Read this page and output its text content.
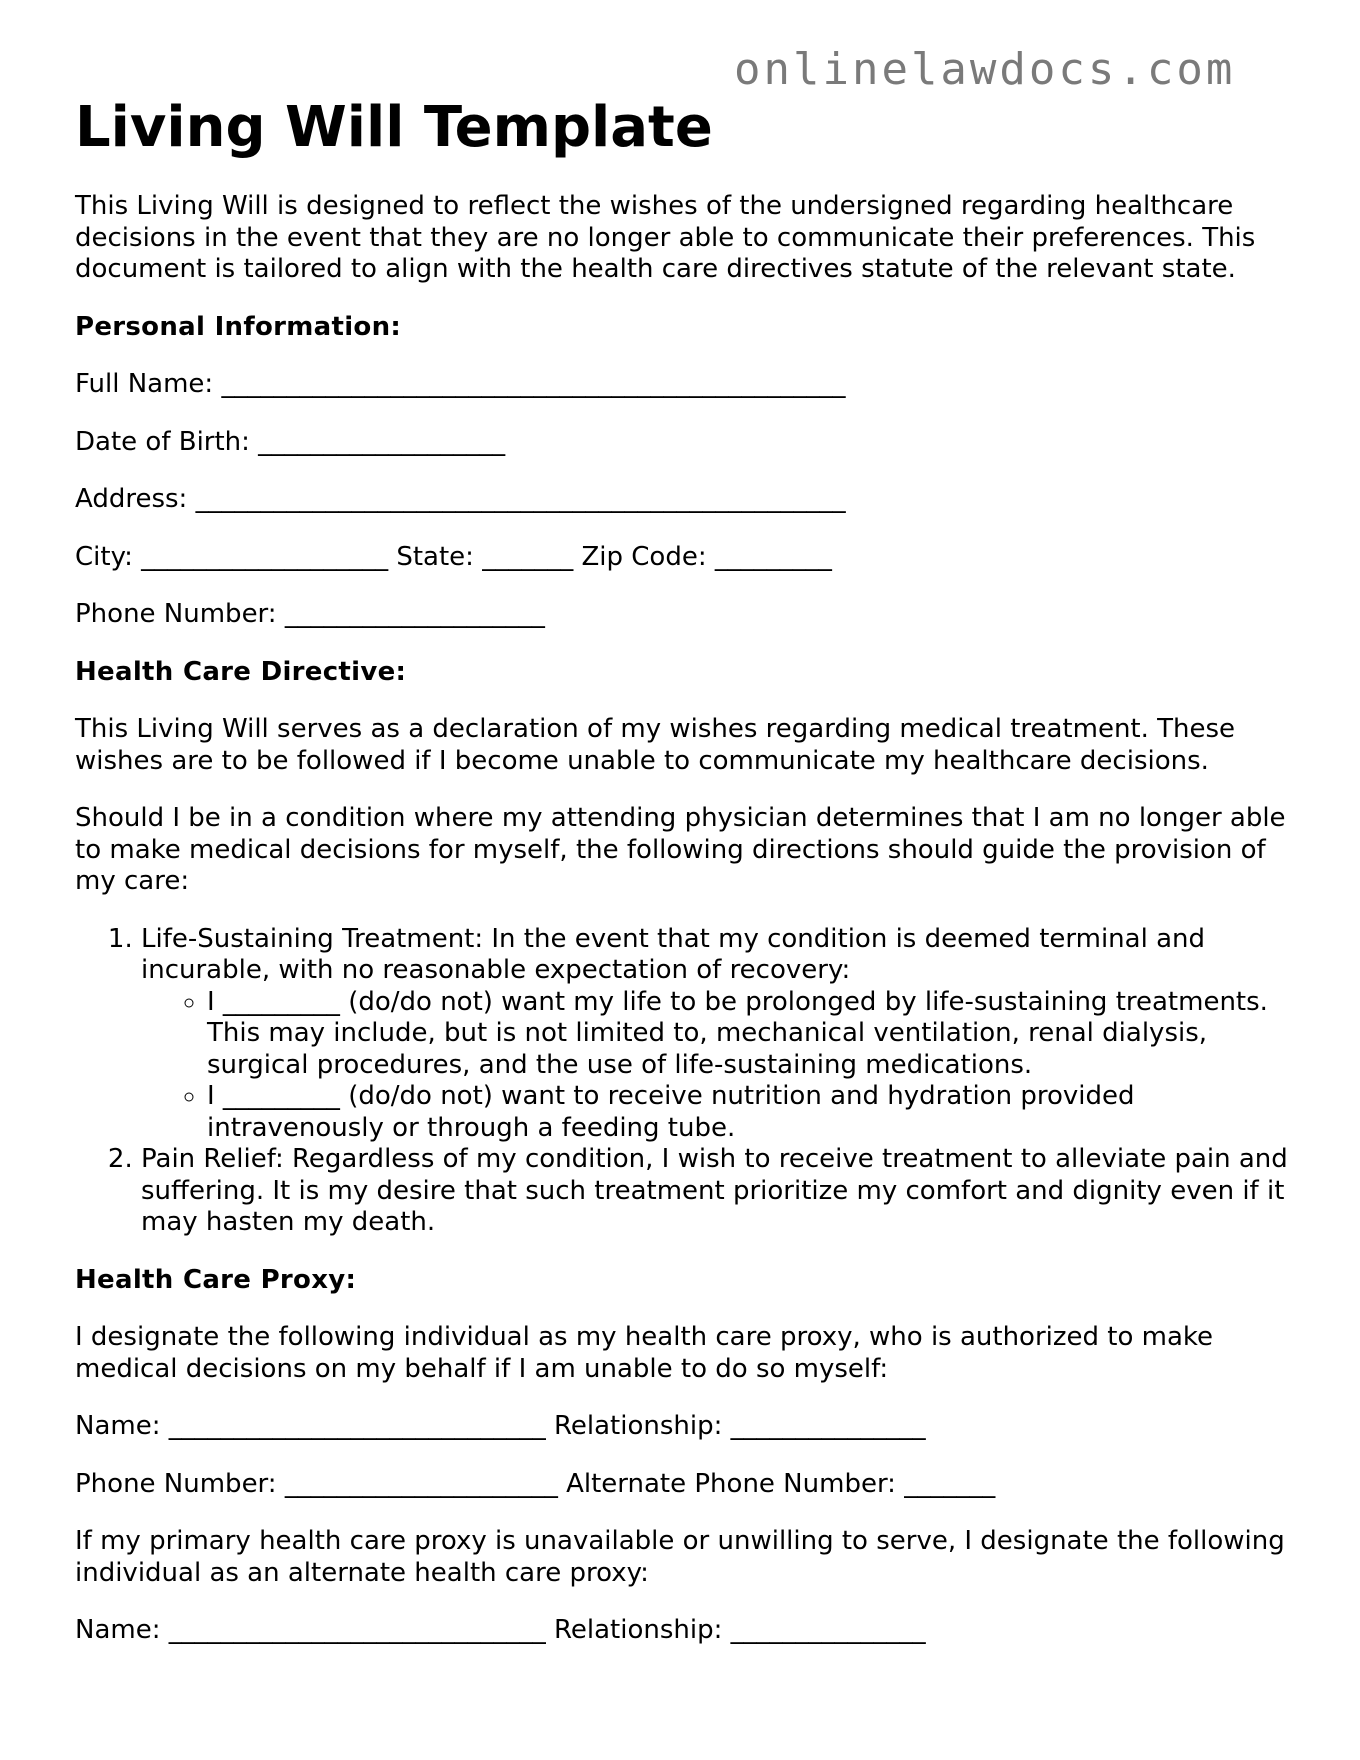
onlinelawdocs.com
Living Will Template

This Living Will is designed to reflect the wishes of the undersigned regarding healthcare decisions in the event that they are no longer able to communicate their preferences. This document is tailored to align with the health care directives statute of the relevant state.

Personal Information:

Full Name: ________________________________________________

Date of Birth: ___________________

Address: __________________________________________________

City: ___________________ State: _______ Zip Code: _________

Phone Number: ____________________

Health Care Directive:

This Living Will serves as a declaration of my wishes regarding medical treatment. These wishes are to be followed if I become unable to communicate my healthcare decisions.

Should I be in a condition where my attending physician determines that I am no longer able to make medical decisions for myself, the following directions should guide the provision of my care:

1. Life-Sustaining Treatment: In the event that my condition is deemed terminal and incurable, with no reasonable expectation of recovery:
◦ I _________ (do/do not) want my life to be prolonged by life-sustaining treatments. This may include, but is not limited to, mechanical ventilation, renal dialysis, surgical procedures, and the use of life-sustaining medications.
◦ I _________ (do/do not) want to receive nutrition and hydration provided intravenously or through a feeding tube.
2. Pain Relief: Regardless of my condition, I wish to receive treatment to alleviate pain and suffering. It is my desire that such treatment prioritize my comfort and dignity even if it may hasten my death.

Health Care Proxy:

I designate the following individual as my health care proxy, who is authorized to make medical decisions on my behalf if I am unable to do so myself:

Name: _____________________________ Relationship: _______________

Phone Number: _____________________ Alternate Phone Number: _______

If my primary health care proxy is unavailable or unwilling to serve, I designate the following individual as an alternate health care proxy:

Name: _____________________________ Relationship: _______________
